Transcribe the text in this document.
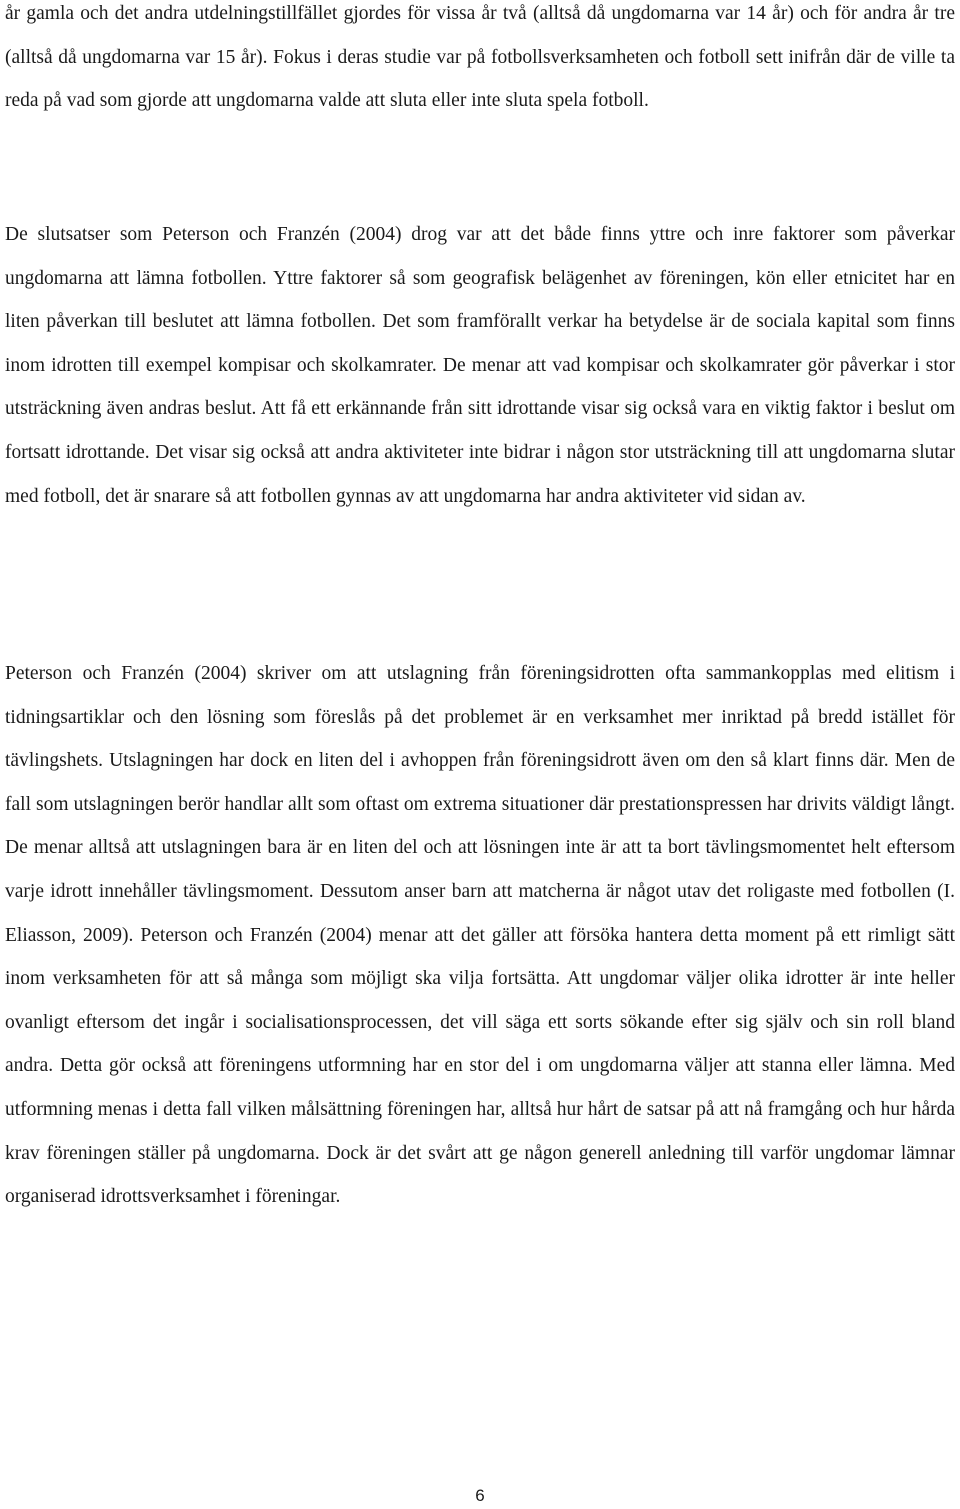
år gamla och det andra utdelningstillfället gjordes för vissa år två (alltså då ungdomarna var 14 år) och för andra år tre (alltså då ungdomarna var 15 år). Fokus i deras studie var på fotbollsverksamheten och fotboll sett inifrån där de ville ta reda på vad som gjorde att ungdomarna valde att sluta eller inte sluta spela fotboll.

De slutsatser som Peterson och Franzén (2004) drog var att det både finns yttre och inre faktorer som påverkar ungdomarna att lämna fotbollen. Yttre faktorer så som geografisk belägenhet av föreningen, kön eller etnicitet har en liten påverkan till beslutet att lämna fotbollen. Det som framförallt verkar ha betydelse är de sociala kapital som finns inom idrotten till exempel kompisar och skolkamrater. De menar att vad kompisar och skolkamrater gör påverkar i stor utsträckning även andras beslut. Att få ett erkännande från sitt idrottande visar sig också vara en viktig faktor i beslut om fortsatt idrottande. Det visar sig också att andra aktiviteter inte bidrar i någon stor utsträckning till att ungdomarna slutar med fotboll, det är snarare så att fotbollen gynnas av att ungdomarna har andra aktiviteter vid sidan av.

Peterson och Franzén (2004) skriver om att utslagning från föreningsidrotten ofta sammankopplas med elitism i tidningsartiklar och den lösning som föreslås på det problemet är en verksamhet mer inriktad på bredd istället för tävlingshets. Utslagningen har dock en liten del i avhoppen från föreningsidrott även om den så klart finns där. Men de fall som utslagningen berör handlar allt som oftast om extrema situationer där prestationspressen har drivits väldigt långt. De menar alltså att utslagningen bara är en liten del och att lösningen inte är att ta bort tävlingsmomentet helt eftersom varje idrott innehåller tävlingsmoment. Dessutom anser barn att matcherna är något utav det roligaste med fotbollen (I. Eliasson, 2009). Peterson och Franzén (2004) menar att det gäller att försöka hantera detta moment på ett rimligt sätt inom verksamheten för att så många som möjligt ska vilja fortsätta. Att ungdomar väljer olika idrotter är inte heller ovanligt eftersom det ingår i socialisationsprocessen, det vill säga ett sorts sökande efter sig själv och sin roll bland andra. Detta gör också att föreningens utformning har en stor del i om ungdomarna väljer att stanna eller lämna. Med utformning menas i detta fall vilken målsättning föreningen har, alltså hur hårt de satsar på att nå framgång och hur hårda krav föreningen ställer på ungdomarna. Dock är det svårt att ge någon generell anledning till varför ungdomar lämnar organiserad idrottsverksamhet i föreningar.

6
